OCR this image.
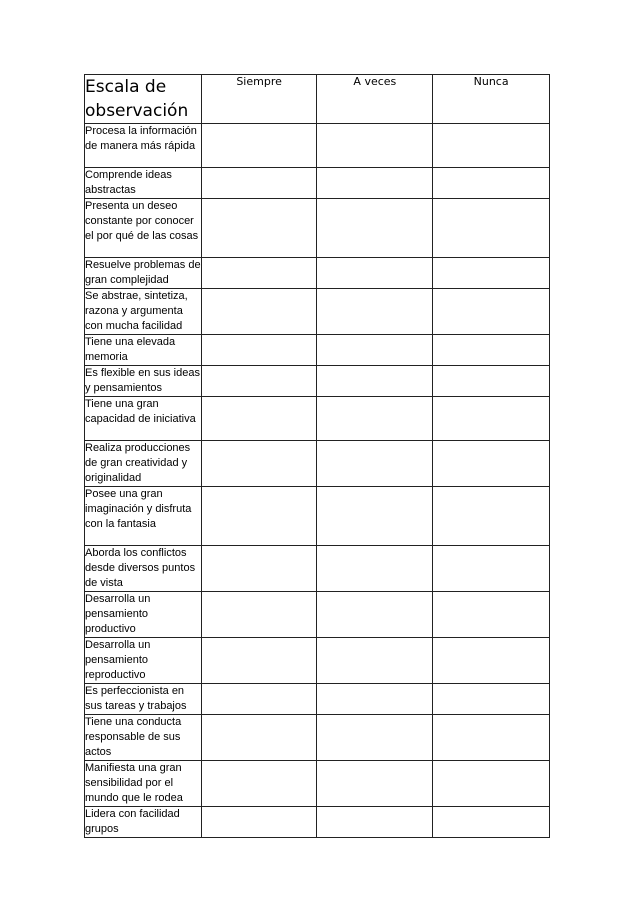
Escala de observación	Siempre	A veces	Nunca
Procesa la información de manera más rápida			
Comprende ideas abstractas			
Presenta un deseo constante por conocer el por qué de las cosas			
Resuelve problemas de gran complejidad			
Se abstrae, sintetiza, razona y argumenta con mucha facilidad			
Tiene una elevada memoria			
Es flexible en sus ideas y pensamientos			
Tiene una gran capacidad de iniciativa			
Realiza producciones de gran creatividad y originalidad			
Posee una gran imaginación y disfruta con la fantasia			
Aborda los conflictos desde diversos puntos de vista			
Desarrolla un pensamiento productivo			
Desarrolla un pensamiento reproductivo			
Es perfeccionista en sus tareas y trabajos			
Tiene una conducta responsable de sus actos			
Manifiesta una gran sensibilidad por el mundo que le rodea			
Lidera con facilidad grupos			
